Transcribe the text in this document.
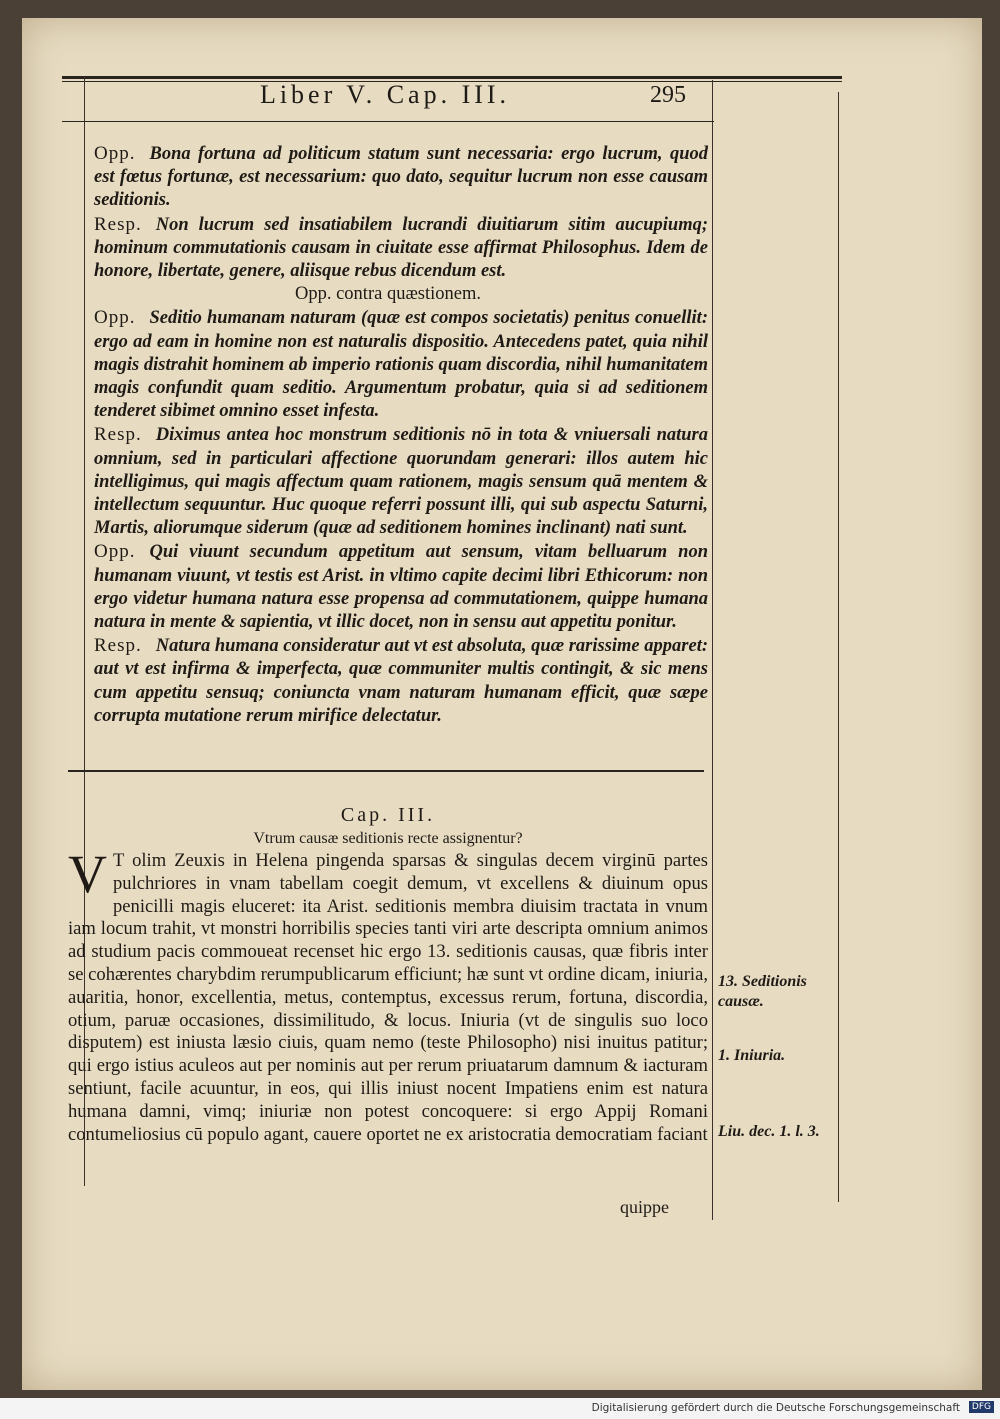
Liber V. Cap. III.	295

Opp. Bona fortuna ad politicum statum sunt necessaria: ergo lucrum, quod est fœtus fortunæ, est necessarium: quo dato, sequitur lucrum non esse causam seditionis.

Resp. Non lucrum sed insatiabilem lucrandi diuitiarum sitim aucupiumq; hominum commutationis causam in ciuitate esse affirmat Philosophus. Idem de honore, libertate, genere, aliisque rebus dicendum est.

Opp. contra quæstionem.

Opp. Seditio humanam naturam (quæ est compos societatis) penitus conuellit: ergo ad eam in homine non est naturalis dispositio. Antecedens patet, quia nihil magis distrahit hominem ab imperio rationis quam discordia, nihil humanitatem magis confundit quam seditio. Argumentum probatur, quia si ad seditionem tenderet sibimet omnino esset infesta.

Resp. Diximus antea hoc monstrum seditionis nō in tota & vniuersali natura omnium, sed in particulari affectione quorundam generari: illos autem hic intelligimus, qui magis affectum quam rationem, magis sensum quā mentem & intellectum sequuntur. Huc quoque referri possunt illi, qui sub aspectu Saturni, Martis, aliorumque siderum (quæ ad seditionem homines inclinant) nati sunt.

Opp. Qui viuunt secundum appetitum aut sensum, vitam belluarum non humanam viuunt, vt testis est Arist. in vltimo capite decimi libri Ethicorum: non ergo videtur humana natura esse propensa ad commutationem, quippe humana natura in mente & sapientia, vt illic docet, non in sensu aut appetitu ponitur.

Resp. Natura humana consideratur aut vt est absoluta, quæ rarissime apparet: aut vt est infirma & imperfecta, quæ communiter multis contingit, & sic mens cum appetitu sensuq; coniuncta vnam naturam humanam efficit, quæ sæpe corrupta mutatione rerum mirifice delectatur.

Cap. III.
Vtrum causæ seditionis recte assignentur?
V T olim Zeuxis in Helena pingenda sparsas & singulas decem virginū partes pulchriores in vnam tabellam coegit demum, vt excellens & diuinum opus penicilli magis eluceret: ita Arist. seditionis membra diuisim tractata in vnum iam locum trahit, vt monstri horribilis species tanti viri arte descripta omnium animos ad studium pacis commoueat recenset hic ergo 13. seditionis causas, quæ fibris inter se cohærentes charybdim rerumpublicarum efficiunt; hæ sunt vt ordine dicam, iniuria, auaritia, honor, excellentia, metus, contemptus, excessus rerum, fortuna, discordia, otium, paruæ occasiones, dissimilitudo, & locus. Iniuria (vt de singulis suo loco disputem) est iniusta læsio ciuis, quam nemo (teste Philosopho) nisi inuitus patitur; qui ergo istius aculeos aut per nominis aut per rerum priuatarum damnum & iacturam sentiunt, facile acuuntur, in eos, qui illis iniust nocent Impatiens enim est natura humana damni, vimq; iniuriæ non potest concoquere: si ergo Appij Romani contumeliosius cū populo agant, cauere oportet ne ex aristocratia democratiam faciant
quippe
13. Seditionis causæ.
1. Iniuria.
Liu. dec. 1. l. 3.
Digitalisierung gefördert durch die Deutsche Forschungsgemeinschaft	DFG
